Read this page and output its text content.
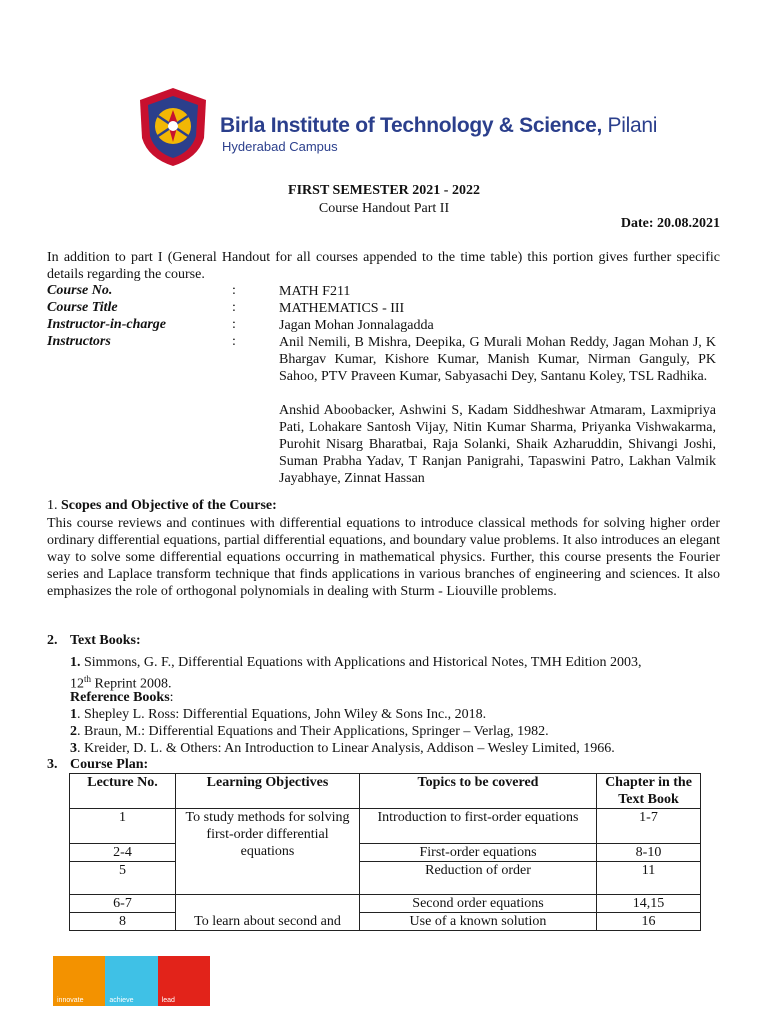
Birla Institute of Technology & Science, Pilani
Hyderabad Campus
FIRST SEMESTER 2021 - 2022
Course Handout Part II
Date: 20.08.2021
In addition to part I (General Handout for all courses appended to the time table) this portion gives further specific details regarding the course.
Course No.	:	MATH F211
Course Title	:	MATHEMATICS - III
Instructor-in-charge	:	Jagan Mohan Jonnalagadda
Instructors	:	Anil Nemili, B Mishra, Deepika, G Murali Mohan Reddy, Jagan Mohan J, K Bhargav Kumar, Kishore Kumar, Manish Kumar, Nirman Ganguly, PK Sahoo, PTV Praveen Kumar, Sabyasachi Dey, Santanu Koley, TSL Radhika.
Anshid Aboobacker, Ashwini S, Kadam Siddheshwar Atmaram, Laxmipriya Pati, Lohakare Santosh Vijay, Nitin Kumar Sharma, Priyanka Vishwakarma, Purohit Nisarg Bharatbai, Raja Solanki, Shaik Azharuddin, Shivangi Joshi, Suman Prabha Yadav, T Ranjan Panigrahi, Tapaswini Patro, Lakhan Valmik Jayabhaye, Zinnat Hassan
1. Scopes and Objective of the Course:
This course reviews and continues with differential equations to introduce classical methods for solving higher order ordinary differential equations, partial differential equations, and boundary value problems. It also introduces an elegant way to solve some differential equations occurring in mathematical physics. Further, this course presents the Fourier series and Laplace transform technique that finds applications in various branches of engineering and sciences. It also emphasizes the role of orthogonal polynomials in dealing with Sturm - Liouville problems.
2. Text Books:
1. Simmons, G. F., Differential Equations with Applications and Historical Notes, TMH Edition 2003,
12th Reprint 2008.
Reference Books:
1. Shepley L. Ross: Differential Equations, John Wiley & Sons Inc., 2018.
2. Braun, M.: Differential Equations and Their Applications, Springer – Verlag, 1982.
3. Kreider, D. L. & Others: An Introduction to Linear Analysis, Addison – Wesley Limited, 1966.
3. Course Plan:
Lecture No.	Learning Objectives	Topics to be covered	Chapter in the Text Book
1	To study methods for solving first-order differential equations	Introduction to first-order equations	1-7
2-4		First-order equations	8-10
5		Reduction of order	11
6-7	To learn about second and	Second order equations	14,15
8		Use of a known solution	16
innovate	achieve	lead
